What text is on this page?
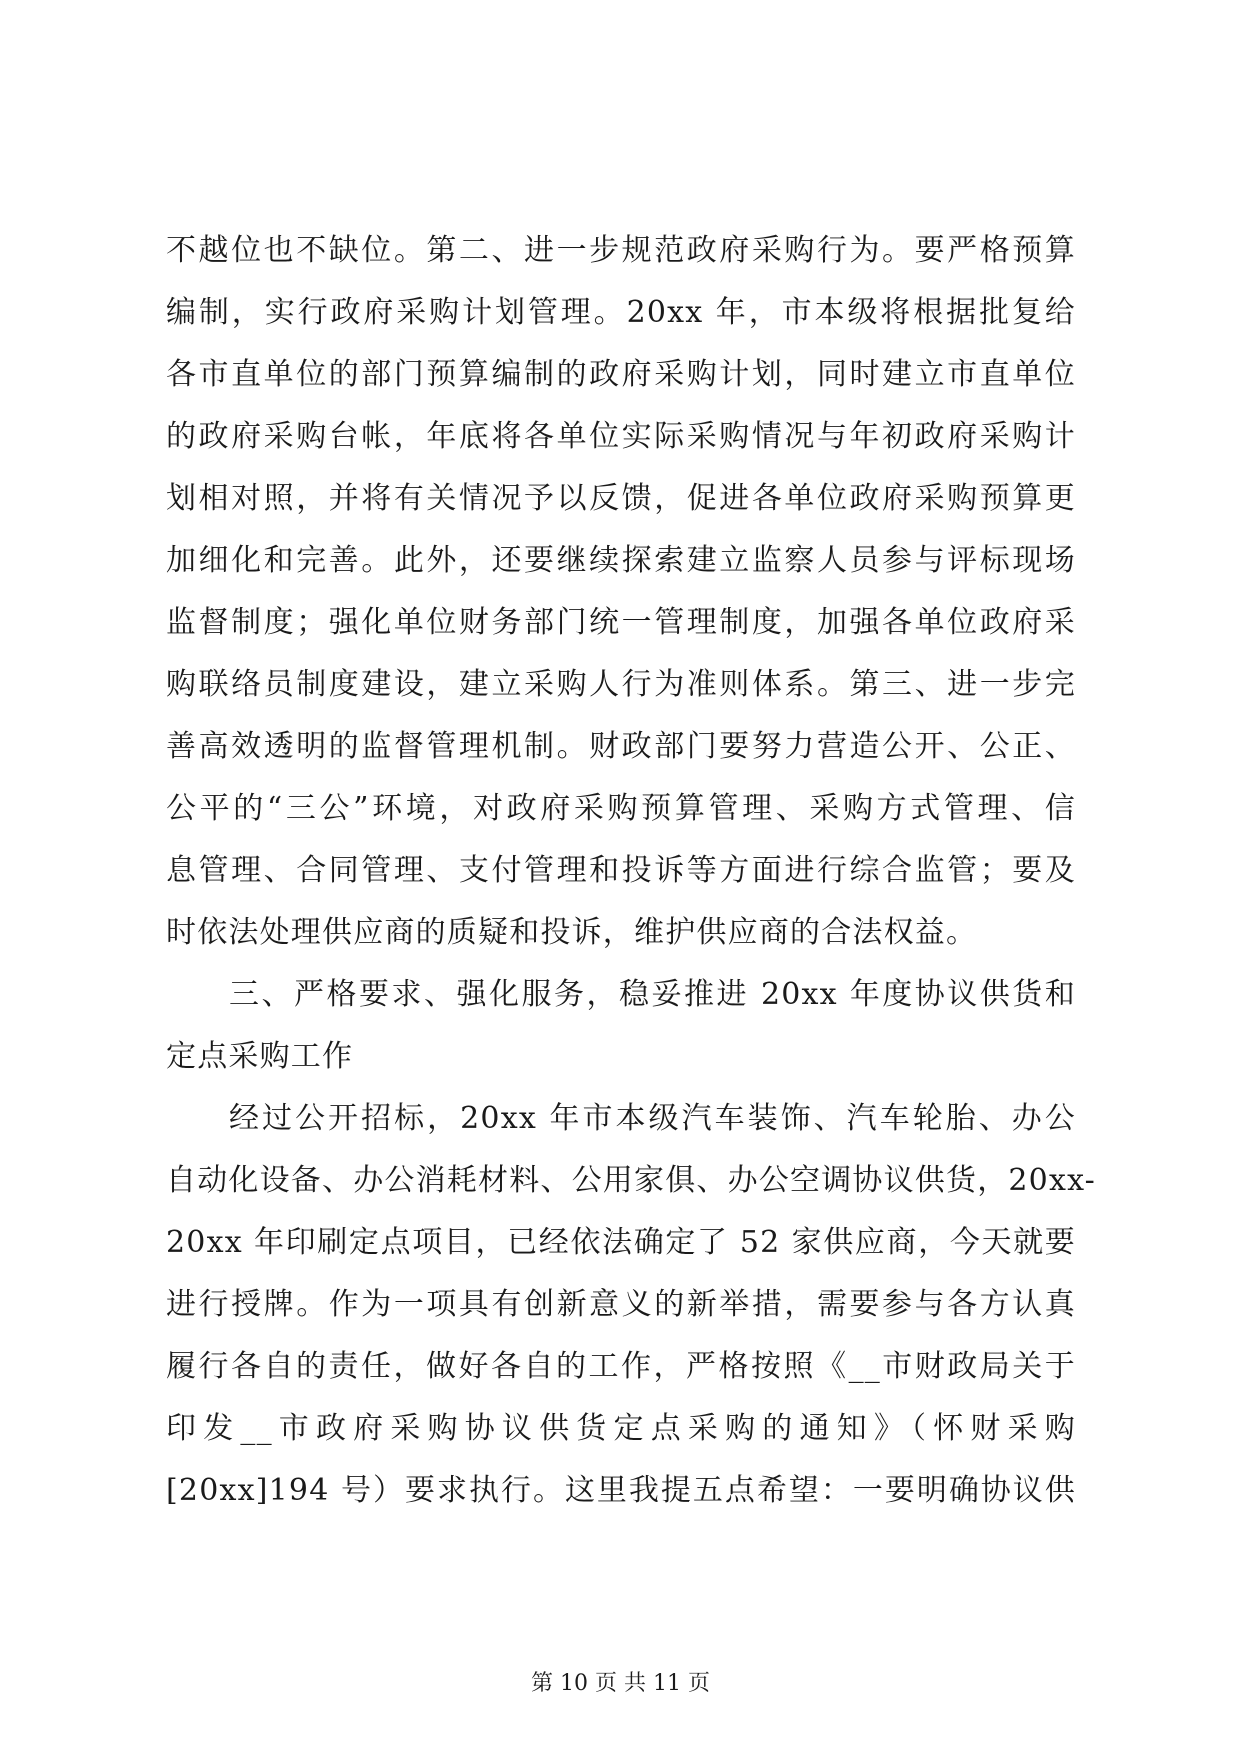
不越位也不缺位。第二、进一步规范政府采购行为。要严格预算
编制，实行政府采购计划管理。20xx 年，市本级将根据批复给
各市直单位的部门预算编制的政府采购计划，同时建立市直单位
的政府采购台帐，年底将各单位实际采购情况与年初政府采购计
划相对照，并将有关情况予以反馈，促进各单位政府采购预算更
加细化和完善。此外，还要继续探索建立监察人员参与评标现场
监督制度；强化单位财务部门统一管理制度，加强各单位政府采
购联络员制度建设，建立采购人行为准则体系。第三、进一步完
善高效透明的监督管理机制。财政部门要努力营造公开、公正、
公平的“三公”环境，对政府采购预算管理、采购方式管理、信
息管理、合同管理、支付管理和投诉等方面进行综合监管；要及
时依法处理供应商的质疑和投诉，维护供应商的合法权益。
三、严格要求、强化服务，稳妥推进 20xx 年度协议供货和
定点采购工作
经过公开招标，20xx 年市本级汽车装饰、汽车轮胎、办公
自动化设备、办公消耗材料、公用家俱、办公空调协议供货，20xx-
20xx 年印刷定点项目，已经依法确定了 52 家供应商，今天就要
进行授牌。作为一项具有创新意义的新举措，需要参与各方认真
履行各自的责任，做好各自的工作，严格按照《__市财政局关于
印发__市政府采购协议供货定点采购的通知》（怀财采购
[20xx]194 号）要求执行。这里我提五点希望：一要明确协议供
第 10 页 共 11 页
